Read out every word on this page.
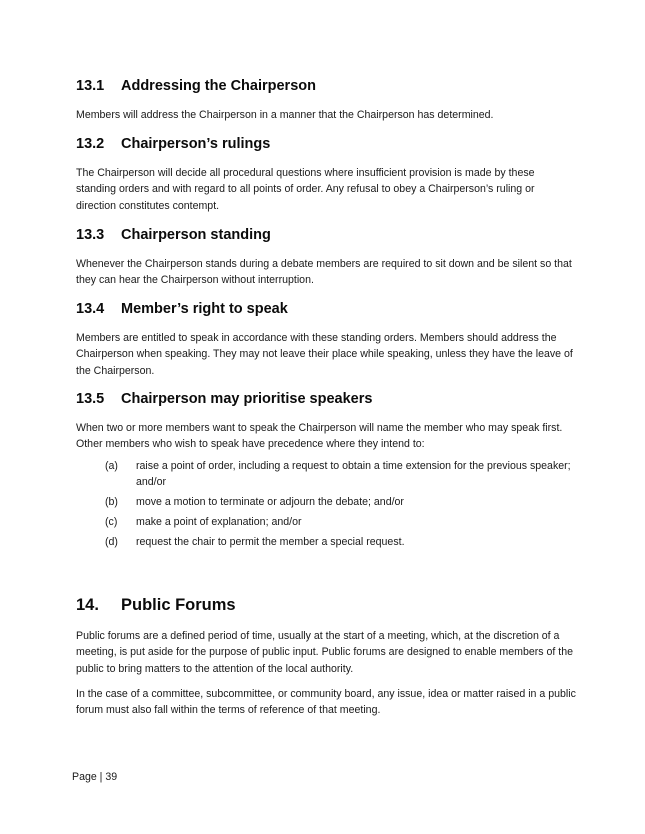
13.1 Addressing the Chairperson
Members will address the Chairperson in a manner that the Chairperson has determined.
13.2 Chairperson’s rulings
The Chairperson will decide all procedural questions where insufficient provision is made by these standing orders and with regard to all points of order. Any refusal to obey a Chairperson’s ruling or direction constitutes contempt.
13.3 Chairperson standing
Whenever the Chairperson stands during a debate members are required to sit down and be silent so that they can hear the Chairperson without interruption.
13.4 Member’s right to speak
Members are entitled to speak in accordance with these standing orders. Members should address the Chairperson when speaking. They may not leave their place while speaking, unless they have the leave of the Chairperson.
13.5 Chairperson may prioritise speakers
When two or more members want to speak the Chairperson will name the member who may speak first. Other members who wish to speak have precedence where they intend to:
(a) raise a point of order, including a request to obtain a time extension for the previous speaker; and/or
(b) move a motion to terminate or adjourn the debate; and/or
(c) make a point of explanation; and/or
(d) request the chair to permit the member a special request.
14. Public Forums
Public forums are a defined period of time, usually at the start of a meeting, which, at the discretion of a meeting, is put aside for the purpose of public input. Public forums are designed to enable members of the public to bring matters to the attention of the local authority.
In the case of a committee, subcommittee, or community board, any issue, idea or matter raised in a public forum must also fall within the terms of reference of that meeting.
Page | 39
